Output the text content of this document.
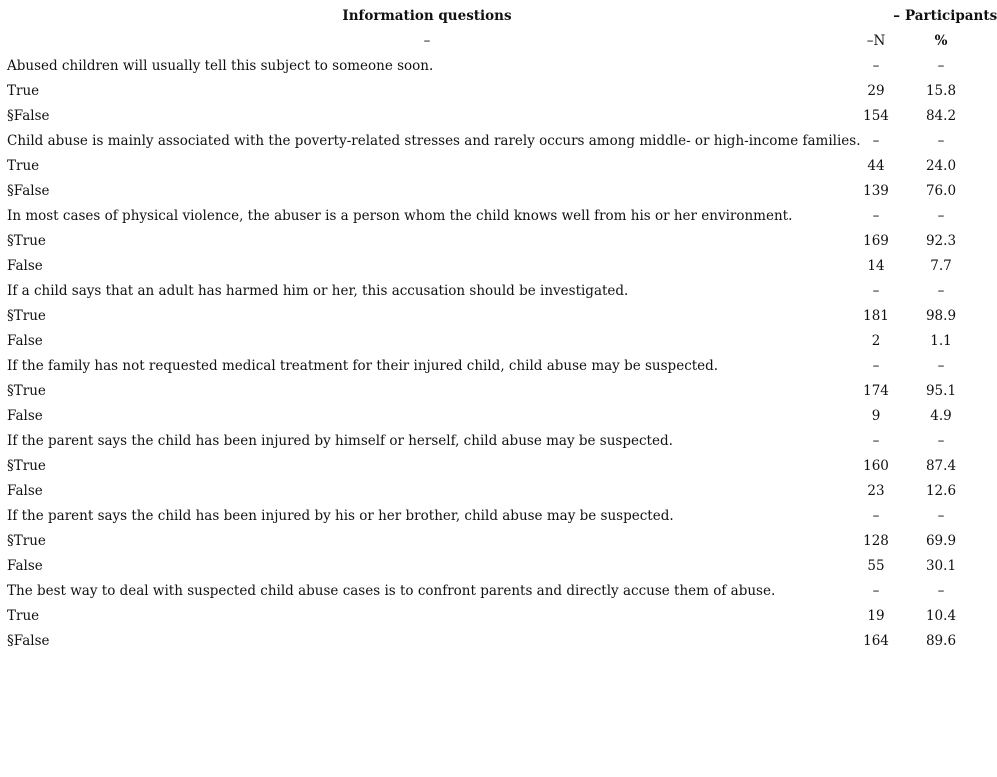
Information questions	–	Participants
–	–N	%
Abused children will usually tell this subject to someone soon.	–	–
True	29	15.8
§False	154	84.2
Child abuse is mainly associated with the poverty-related stresses and rarely occurs among middle- or high-income families.	–	–
True	44	24.0
§False	139	76.0
In most cases of physical violence, the abuser is a person whom the child knows well from his or her environment.	–	–
§True	169	92.3
False	14	7.7
If a child says that an adult has harmed him or her, this accusation should be investigated.	–	–
§True	181	98.9
False	2	1.1
If the family has not requested medical treatment for their injured child, child abuse may be suspected.	–	–
§True	174	95.1
False	9	4.9
If the parent says the child has been injured by himself or herself, child abuse may be suspected.	–	–
§True	160	87.4
False	23	12.6
If the parent says the child has been injured by his or her brother, child abuse may be suspected.	–	–
§True	128	69.9
False	55	30.1
The best way to deal with suspected child abuse cases is to confront parents and directly accuse them of abuse.	–	–
True	19	10.4
§False	164	89.6
